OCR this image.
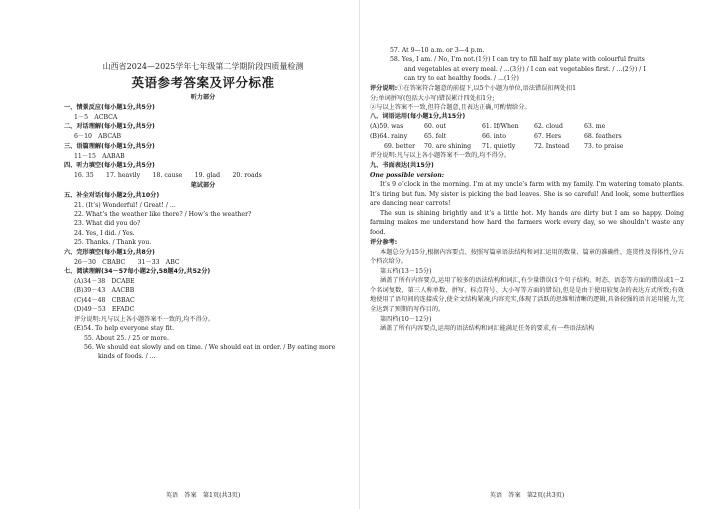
山西省2024—2025学年七年级第二学期阶段四质量检测
英语参考答案及评分标准
听力部分
一、情景反应(每小题1分,共5分)
1－5　ACBCA
二、对话理解(每小题1分,共5分)
6－10　ABCAB
三、语篇理解(每小题1分,共5分)
11－15　AABAB
四、听力填空(每小题1分,共5分)
16. 35　　17. heavily　　18. cause　　19. glad　　20. roads
笔试部分
五、补全对话(每小题2分,共10分)
21. (It’s) Wonderful! / Great! / ...
22. What’s the weather like there? / How’s the weather?
23. What did you do?
24. Yes, I did. / Yes.
25. Thanks. / Thank you.
六、完形填空(每小题1分,共8分)
26－30　CBABC　　31－33　ABC
七、阅读理解(34－57每小题2分,58题4分,共52分)
(A)34－38　DCABE
(B)39－43　AACBB
(C)44－48　CBBAC
(D)49－53　EFADC
评分说明:凡与以上各小题答案不一致的,均不得分。
(E)54. To help everyone stay fit.
55. About 25. / 25 or more.
56. We should eat slowly and on time. / We should eat in order. / By eating more
kinds of foods. / ...
英语　答案　第1页(共3页)
57. At 9—10 a.m. or 3—4 p.m.
58. Yes, I am. / No, I’m not.(1分) I can try to fill half my plate with colourful fruits
and vegetables at every meal. / ...(3分) / I can eat vegetables first. / ...(2分) / I
can try to eat healthy foods. / ...(1分)
评分说明:①在答案符合题意的前提下,以5个小题为单位,语法错误扣两处扣1
分;单词拼写(包括大小写)错误累计四处扣1分;
②与以上答案不一致,但符合题意,且表达正确,可酌情给分。
八、词语运用(每小题1分,共15分)
(A)59. was	60. out	61. If/When	62. cloud	63. me
(B)64. rainy	65. felt	66. into	67. Hers	68. feathers
69. better	70. are shining	71. quietly	72. Instead	73. to praise
评分说明:凡与以上各小题答案不一致的,均不得分。
九、书面表达(共15分)
One possible version:

It’s 9 o’clock in the morning. I’m at my uncle’s farm with my family. I’m watering tomato plants. It’s tiring but fun. My sister is picking the bad leaves. She is so careful! And look, some butterflies are dancing near carrots!

The sun is shining brightly and it’s a little hot. My hands are dirty but I am so happy. Doing farming makes me understand how hard the farmers work every day, so we shouldn’t waste any food.

评分参考:

本题总分为15分,根据内容要点、按照写篇章语法结构和词汇运用的数量、篇章的准确性、连贯性及得体性,分五个档次给分。

第五档(13－15分)

涵盖了所有内容要点,运用了较多的语法结构和词汇,有少量错误(1个句子结构、时态、语态等方面的错误或1－2个名词复数、第三人称单数、拼写、标点符号、大小写等方面的错误),但是是由于使用较复杂的表达方式所致;有效地使用了语句间的连接成分,使全文结构紧凑,内容充实,体现了活跃的思维和清晰的逻辑,具备较强的语言运用能力,完全达到了预期的写作目的。

第四档(10－12分)

涵盖了所有内容要点,运用的语法结构和词汇能满足任务的要求,有一些语法结构

英语　答案　第2页(共3页)
